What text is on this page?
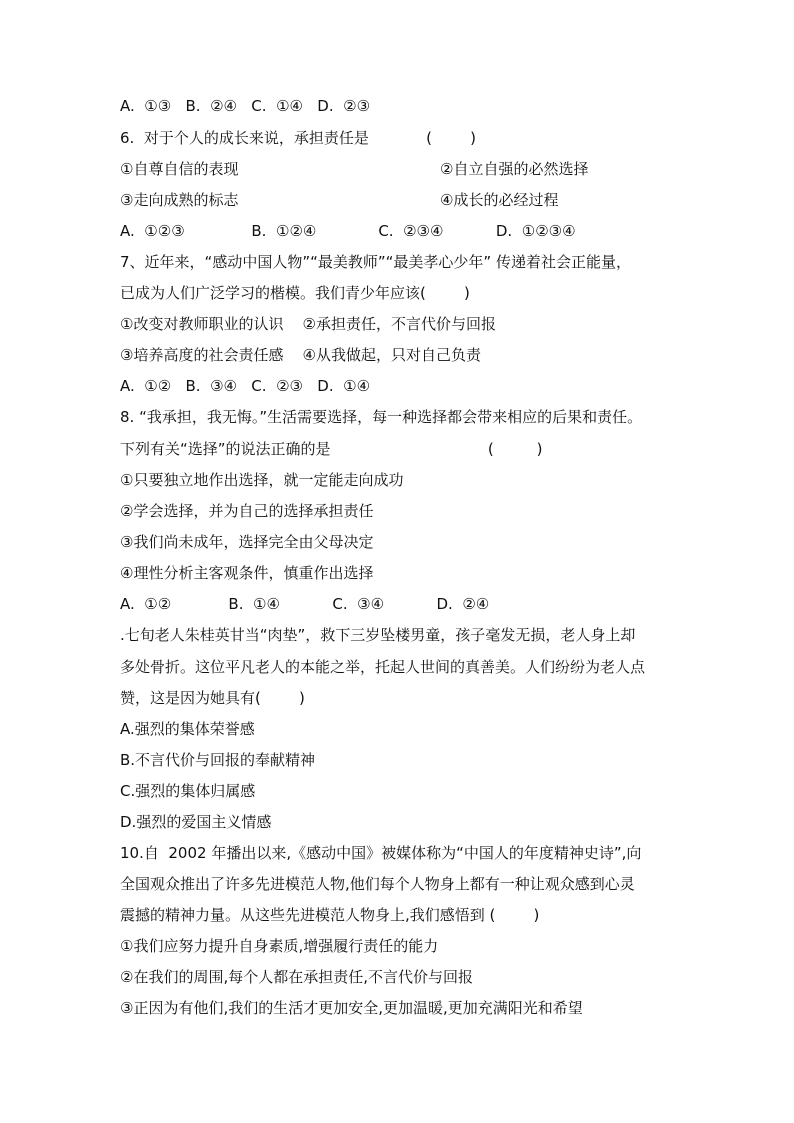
A.  ①③   B.  ②④   C.  ①④   D.  ②③
6.  对于个人的成长来说，承担责任是            (        )
①自尊自信的表现	②自立自强的必然选择
③走向成熟的标志	④成长的必经过程
A.  ①②③              B.  ①②④             C.  ②③④           D.  ①②③④
7、近年来，“感动中国人物”“最美教师”“最美孝心少年” 传递着社会正能量，
已成为人们广泛学习的楷模。我们青少年应该(        )
①改变对教师职业的认识    ②承担责任，不言代价与回报
③培养高度的社会责任感    ④从我做起，只对自己负责
A.  ①②   B.  ③④   C.  ②③   D.  ①④
8. “我承担，我无悔。”生活需要选择，每一种选择都会带来相应的后果和责任。
下列有关“选择”的说法正确的是                                 (         )
①只要独立地作出选择，就一定能走向成功
②学会选择，并为自己的选择承担责任
③我们尚未成年，选择完全由父母决定
④理性分析主客观条件，慎重作出选择
A.  ①②            B.  ①④           C.  ③④           D.  ②④
.七旬老人朱桂英甘当“肉垫”，救下三岁坠楼男童，孩子毫发无损，老人身上却
多处骨折。这位平凡老人的本能之举，托起人世间的真善美。人们纷纷为老人点
赞，这是因为她具有(        )
A.强烈的集体荣誉感
B.不言代价与回报的奉献精神
C.强烈的集体归属感
D.强烈的爱国主义情感
10.自  2002 年播出以来,《感动中国》被媒体称为“中国人的年度精神史诗”,向
全国观众推出了许多先进模范人物,他们每个人物身上都有一种让观众感到心灵
震撼的精神力量。从这些先进模范人物身上,我们感悟到 (        )
①我们应努力提升自身素质,增强履行责任的能力
②在我们的周围,每个人都在承担责任,不言代价与回报
③正因为有他们,我们的生活才更加安全,更加温暖,更加充满阳光和希望
